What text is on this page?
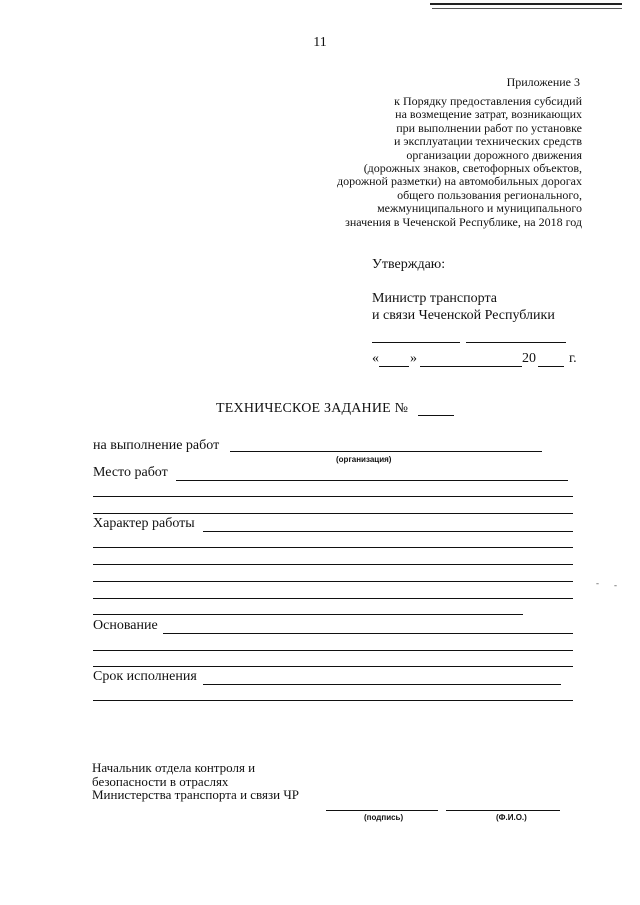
11
Приложение 3
к Порядку предоставления субсидий
на возмещение затрат, возникающих
при выполнении работ по установке
и эксплуатации технических средств
организации дорожного движения
(дорожных знаков, светофорных объектов,
дорожной разметки) на автомобильных дорогах
общего пользования регионального,
межмуниципального и муниципального
значения в Чеченской Республике, на 2018 год
Утверждаю:
Министр транспорта
и связи Чеченской Республики
« »	20 г.
ТЕХНИЧЕСКОЕ ЗАДАНИЕ №
на выполнение работ
(организация)
Место работ
Характер работы
Основание
Срок исполнения
- -
Начальник отдела контроля и
безопасности в отраслях
Министерства транспорта и связи ЧР
(подпись)	(Ф.И.О.)
